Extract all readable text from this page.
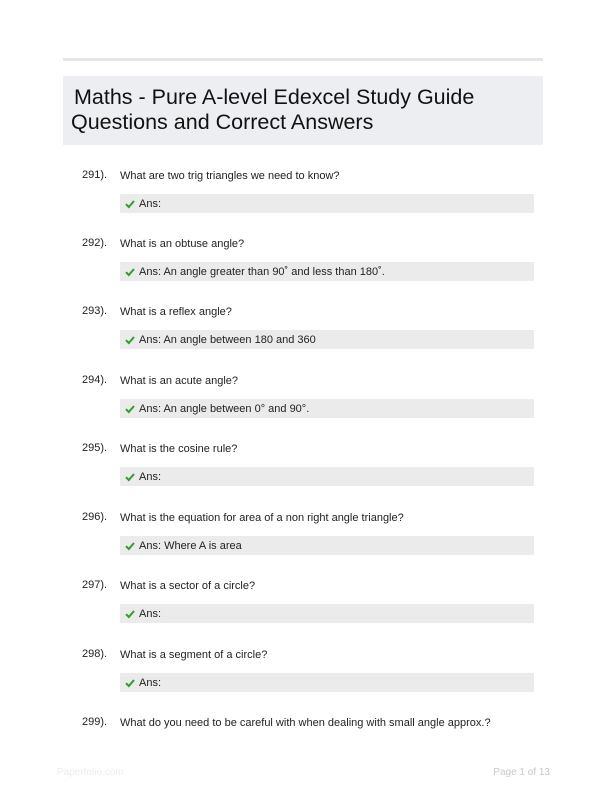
Maths - Pure A-level Edexcel Study Guide
Questions and Correct Answers
291). What are two trig triangles we need to know?
Ans:
292). What is an obtuse angle?
Ans: An angle greater than 90˚ and less than 180˚.
293). What is a reflex angle?
Ans: An angle between 180 and 360
294). What is an acute angle?
Ans: An angle between 0° and 90°.
295). What is the cosine rule?
Ans:
296). What is the equation for area of a non right angle triangle?
Ans: Where A is area
297). What is a sector of a circle?
Ans:
298). What is a segment of a circle?
Ans:
299). What do you need to be careful with when dealing with small angle approx.?
Paperfolio.com	Page 1 of 13
